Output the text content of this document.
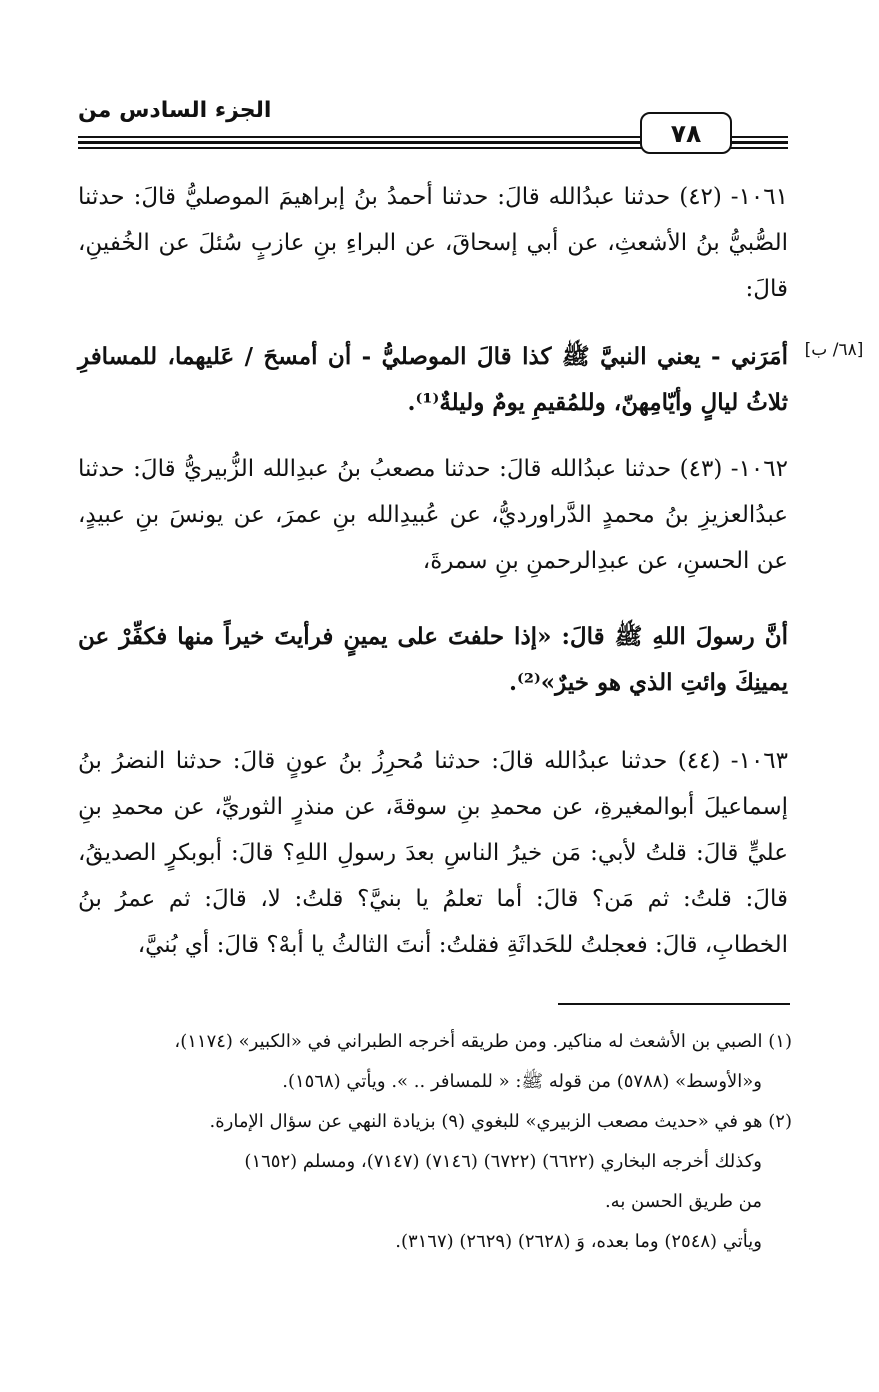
٧٨
الجزء السادس من
١٠٦١- (٤٢) حدثنا عبدُالله قالَ: حدثنا أحمدُ بنُ إبراهيمَ الموصليُّ قالَ: حدثنا الصُّبيُّ بنُ الأشعثِ، عن أبي إسحاقَ، عن البراءِ بنِ عازبٍ سُئلَ عن الخُفينِ، قالَ:
[٦٨/ ب]
أمَرَني - يعني النبيَّ ﷺ كذا قالَ الموصليُّ - أن أمسحَ / عَليهما، للمسافرِ ثلاثُ ليالٍ وأيّامِهنّ، وللمُقيمِ يومٌ وليلةٌ⁽¹⁾.
١٠٦٢- (٤٣) حدثنا عبدُالله قالَ: حدثنا مصعبُ بنُ عبدِالله الزُّبيريُّ قالَ: حدثنا عبدُالعزيزِ بنُ محمدٍ الدَّراورديُّ، عن عُبيدِالله بنِ عمرَ، عن يونسَ بنِ عبيدٍ، عن الحسنِ، عن عبدِالرحمنِ بنِ سمرةَ،
أنَّ رسولَ اللهِ ﷺ قالَ: «إذا حلفتَ على يمينٍ فرأيتَ خيراً منها فكفِّرْ عن يمينِكَ وائتِ الذي هو خيرٌ»⁽²⁾.
١٠٦٣- (٤٤) حدثنا عبدُالله قالَ: حدثنا مُحرِزُ بنُ عونٍ قالَ: حدثنا النضرُ بنُ إسماعيلَ أبوالمغيرةِ، عن محمدِ بنِ سوقةَ، عن منذرٍ الثوريِّ، عن محمدِ بنِ عليٍّ قالَ: قلتُ لأبي: مَن خيرُ الناسِ بعدَ رسولِ اللهِ؟ قالَ: أبوبكرٍ الصديقُ، قالَ: قلتُ: ثم مَن؟ قالَ: أما تعلمُ يا بنيَّ؟ قلتُ: لا، قالَ: ثم عمرُ بنُ الخطابِ، قالَ: فعجلتُ للحَداثَةِ فقلتُ: أنتَ الثالثُ يا أبهْ؟ قالَ: أي بُنيَّ،
(١) الصبي بن الأشعث له مناكير. ومن طريقه أخرجه الطبراني في «الكبير» (١١٧٤)،
و«الأوسط» (٥٧٨٨) من قوله ﷺ: « للمسافر .. ». ويأتي (١٥٦٨).
(٢) هو في «حديث مصعب الزبيري» للبغوي (٩) بزيادة النهي عن سؤال الإمارة.
وكذلك أخرجه البخاري (٦٦٢٢) (٦٧٢٢) (٧١٤٦) (٧١٤٧)، ومسلم (١٦٥٢)
من طريق الحسن به.
ويأتي (٢٥٤٨) وما بعده، وَ (٢٦٢٨) (٢٦٢٩) (٣١٦٧).
